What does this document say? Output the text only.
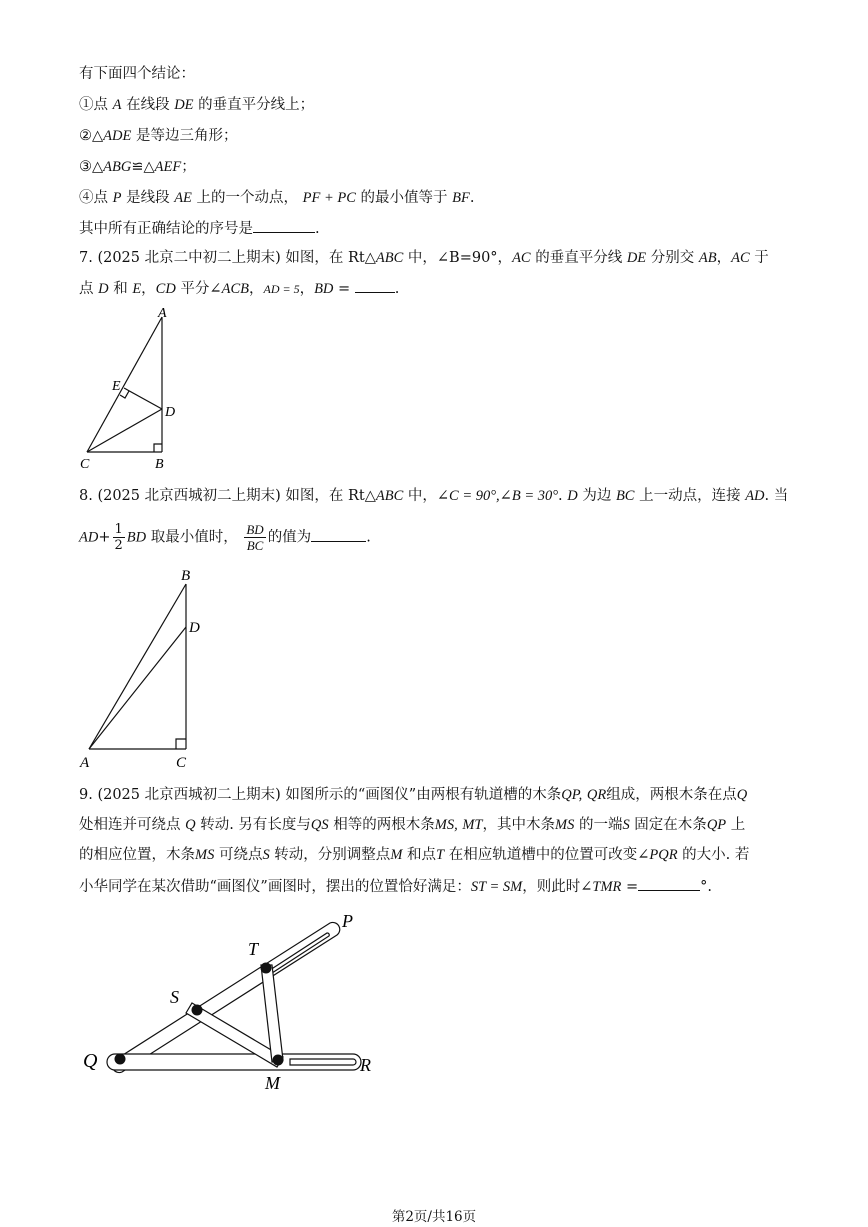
有下面四个结论：
①点 A 在线段 DE 的垂直平分线上；
②△ADE 是等边三角形；
③△ABG≌△AEF；
④点 P 是线段 AE 上的一个动点， PF + PC 的最小值等于 BF.
其中所有正确结论的序号是	.
7. (2025 北京二中初二上期末) 如图，在 Rt△ABC 中，∠B=90°，AC 的垂直平分线 DE 分别交 AB，AC 于
点 D 和 E，CD 平分∠ACB，AD = 5，BD =	.
A
E
D
C	B
8. (2025 北京西城初二上期末) 如图，在 Rt△ABC 中，∠C = 90°,∠B = 30°. D 为边 BC 上一动点，连接 AD. 当
$AD+ \frac{1}{2}$ BD 取最小值时， $\frac{BD}{BC}$ 的值为	.
B
D
A	C
9. (2025 北京西城初二上期末) 如图所示的“画图仪”由两根有轨道槽的木条QP, QR组成，两根木条在点Q
处相连并可绕点 Q 转动. 另有长度与QS 相等的两根木条MS, MT，其中木条MS 的一端S 固定在木条QP 上
的相应位置，木条MS 可绕点S 转动，分别调整点M 和点T 在相应轨道槽中的位置可改变∠PQR 的大小. 若
小华同学在某次借助“画图仪”画图时，摆出的位置恰好满足：ST = SM，则此时∠TMR =	°.
P
T
S
Q
M
R
第2页/共16页
